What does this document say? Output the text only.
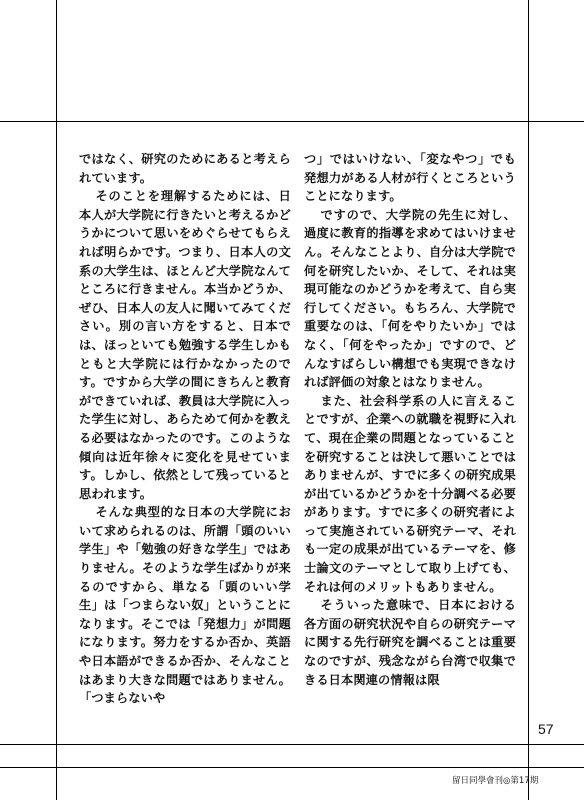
ではなく、研究のためにあると考えられています。

そのことを理解するためには、日本人が大学院に行きたいと考えるかどうかについて思いをめぐらせてもらえれば明らかです。つまり、日本人の文系の大学生は、ほとんど大学院なんてところに行きません。本当かどうか、ぜひ、日本人の友人に聞いてみてください。別の言い方をすると、日本では、ほっといても勉強する学生しかもともと大学院には行かなかったのです。ですから大学の間にきちんと教育ができていれば、教員は大学院に入った学生に対し、あらためて何かを教える必要はなかったのです。このような傾向は近年徐々に変化を見せています。しかし、依然として残っていると思われます。

そんな典型的な日本の大学院において求められるのは、所謂「頭のいい学生」や「勉強の好きな学生」ではありません。そのような学生ばかりが来るのですから、単なる「頭のいい学生」は「つまらない奴」ということになります。そこでは「発想力」が問題になります。努力をするか否か、英語や日本語ができるか否か、そんなことはあまり大きな問題ではありません。「つまらないや

つ」ではいけない、「変なやつ」でも発想力がある人材が行くところということになります。

ですので、大学院の先生に対し、過度に教育的指導を求めてはいけません。そんなことより、自分は大学院で何を研究したいか、そして、それは実現可能なのかどうかを考えて、自ら実行してください。もちろん、大学院で重要なのは、「何をやりたいか」ではなく、「何をやったか」ですので、どんなすばらしい構想でも実現できなければ評価の対象とはなりません。

また、社会科学系の人に言えることですが、企業への就職を視野に入れて、現在企業の問題となっていることを研究することは決して悪いことではありませんが、すでに多くの研究成果が出ているかどうかを十分調べる必要があります。すでに多くの研究者によって実施されている研究テーマ、それも一定の成果が出ているテーマを、修士論文のテーマとして取り上げても、それは何のメリットもありません。

そういった意味で、日本における各方面の研究状況や自らの研究テーマに関する先行研究を調べることは重要なのですが、残念ながら台湾で収集できる日本関連の情報は限

57
留日同學會刊◎第17期
